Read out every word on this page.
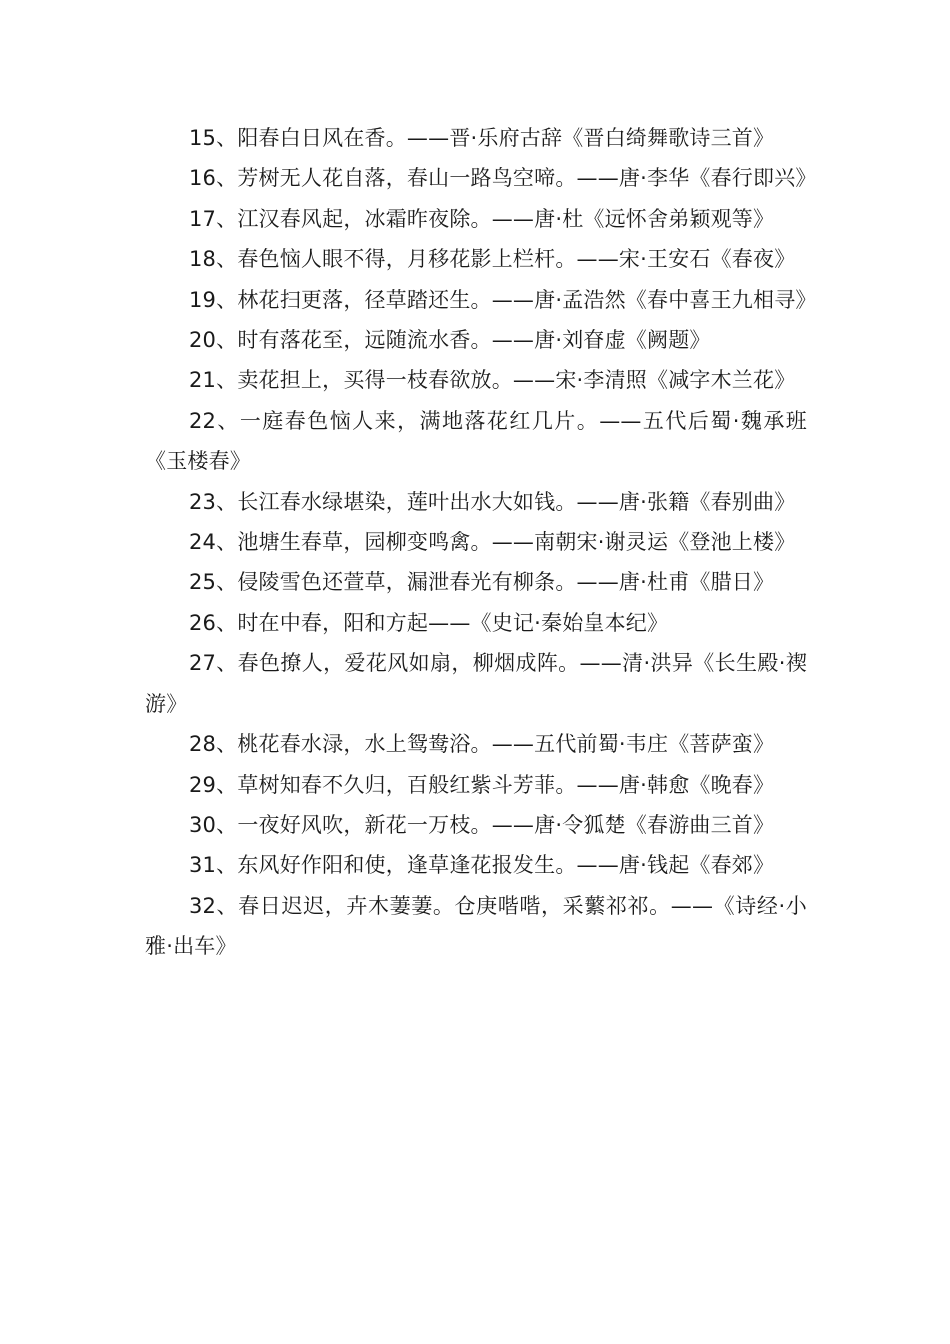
15、阳春白日风在香。——晋·乐府古辞《晋白绮舞歌诗三首》

16、芳树无人花自落，春山一路鸟空啼。——唐·李华《春行即兴》

17、江汉春风起，冰霜昨夜除。——唐·杜《远怀舍弟颖观等》

18、春色恼人眼不得，月移花影上栏杆。——宋·王安石《春夜》

19、林花扫更落，径草踏还生。——唐·孟浩然《春中喜王九相寻》

20、时有落花至，远随流水香。——唐·刘眘虚《阙题》

21、卖花担上，买得一枝春欲放。——宋·李清照《减字木兰花》

22、一庭春色恼人来，满地落花红几片。——五代后蜀·魏承班《玉楼春》

23、长江春水绿堪染，莲叶出水大如钱。——唐·张籍《春别曲》

24、池塘生春草，园柳变鸣禽。——南朝宋·谢灵运《登池上楼》

25、侵陵雪色还萱草，漏泄春光有柳条。——唐·杜甫《腊日》

26、时在中春，阳和方起——《史记·秦始皇本纪》

27、春色撩人，爱花风如扇，柳烟成阵。——清·洪异《长生殿·禊游》

28、桃花春水渌，水上鸳鸯浴。——五代前蜀·韦庄《菩萨蛮》

29、草树知春不久归，百般红紫斗芳菲。——唐·韩愈《晚春》

30、一夜好风吹，新花一万枝。——唐·令狐楚《春游曲三首》

31、东风好作阳和使，逢草逢花报发生。——唐·钱起《春郊》

32、春日迟迟，卉木萋萋。仓庚喈喈，采蘩祁祁。——《诗经·小雅·出车》
